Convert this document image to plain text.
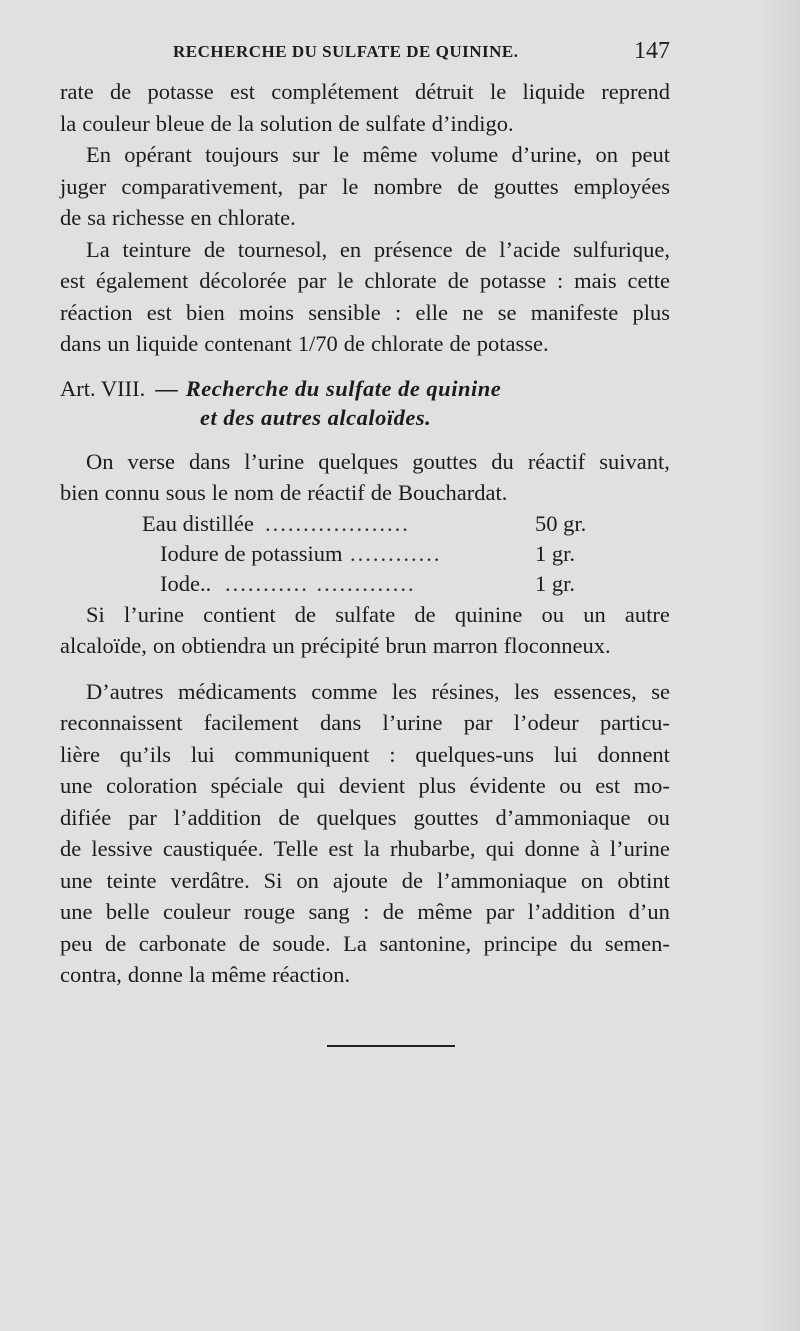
RECHERCHE DU SULFATE DE QUININE.	147
rate de potasse est complétement détruit le liquide reprend
la couleur bleue de la solution de sulfate d’indigo.
En opérant toujours sur le même volume d’urine, on peut
juger comparativement, par le nombre de gouttes employées
de sa richesse en chlorate.
La teinture de tournesol, en présence de l’acide sulfurique,
est également décolorée par le chlorate de potasse : mais cette
réaction est bien moins sensible : elle ne se manifeste plus
dans un liquide contenant 1/70 de chlorate de potasse.
Art. VIII. — Recherche du sulfate de quinine
et des autres alcaloïdes.
On verse dans l’urine quelques gouttes du réactif suivant,
bien connu sous le nom de réactif de Bouchardat.
Eau distillée ...................	50 gr.
Iodure de potassium ............	1 gr.
Iode.. ........... .............	1 gr.
Si l’urine contient de sulfate de quinine ou un autre
alcaloïde, on obtiendra un précipité brun marron floconneux.
D’autres médicaments comme les résines, les essences, se
reconnaissent facilement dans l’urine par l’odeur particu-
lière qu’ils lui communiquent : quelques-uns lui donnent
une coloration spéciale qui devient plus évidente ou est mo-
difiée par l’addition de quelques gouttes d’ammoniaque ou
de lessive caustiquée. Telle est la rhubarbe, qui donne à l’urine
une teinte verdâtre. Si on ajoute de l’ammoniaque on obtint
une belle couleur rouge sang : de même par l’addition d’un
peu de carbonate de soude. La santonine, principe du semen-
contra, donne la même réaction.
